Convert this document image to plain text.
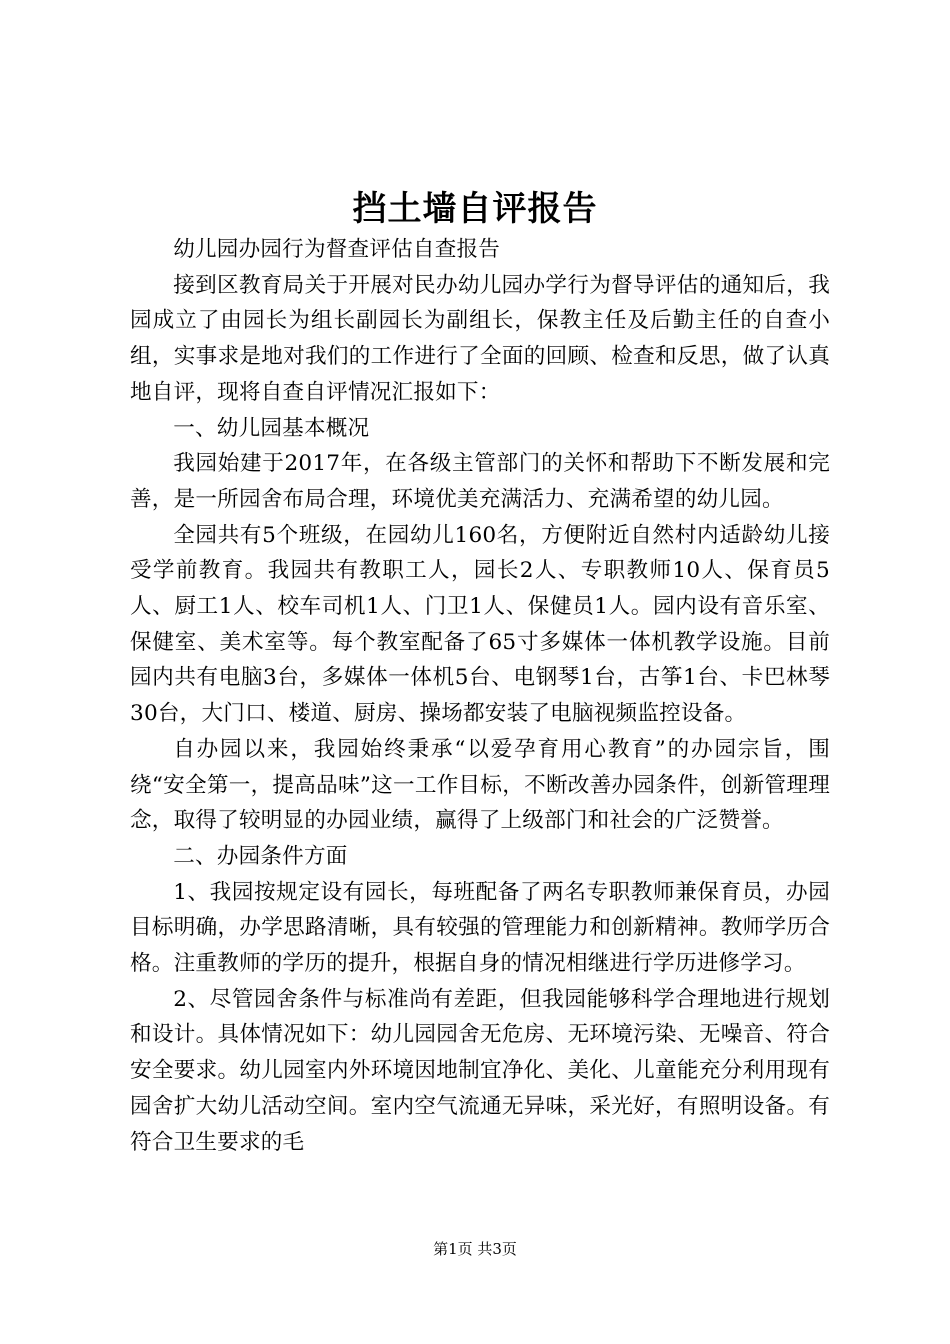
挡土墙自评报告

幼儿园办园行为督查评估自查报告

接到区教育局关于开展对民办幼儿园办学行为督导评估的通知后，我园成立了由园长为组长副园长为副组长，保教主任及后勤主任的自查小组，实事求是地对我们的工作进行了全面的回顾、检查和反思，做了认真地自评，现将自查自评情况汇报如下：

一、幼儿园基本概况

我园始建于2017年，在各级主管部门的关怀和帮助下不断发展和完善，是一所园舍布局合理，环境优美充满活力、充满希望的幼儿园。

全园共有5个班级，在园幼儿160名，方便附近自然村内适龄幼儿接受学前教育。我园共有教职工人，园长2人、专职教师10人、保育员5人、厨工1人、校车司机1人、门卫1人、保健员1人。园内设有音乐室、保健室、美术室等。每个教室配备了65寸多媒体一体机教学设施。目前园内共有电脑3台，多媒体一体机5台、电钢琴1台，古筝1台、卡巴林琴30台，大门口、楼道、厨房、操场都安装了电脑视频监控设备。

自办园以来，我园始终秉承“以爱孕育用心教育”的办园宗旨，围绕“安全第一，提高品味”这一工作目标，不断改善办园条件，创新管理理念，取得了较明显的办园业绩，赢得了上级部门和社会的广泛赞誉。

二、办园条件方面

1、我园按规定设有园长，每班配备了两名专职教师兼保育员，办园目标明确，办学思路清晰，具有较强的管理能力和创新精神。教师学历合格。注重教师的学历的提升，根据自身的情况相继进行学历进修学习。

2、尽管园舍条件与标准尚有差距，但我园能够科学合理地进行规划和设计。具体情况如下：幼儿园园舍无危房、无环境污染、无噪音、符合安全要求。幼儿园室内外环境因地制宜净化、美化、儿童能充分利用现有园舍扩大幼儿活动空间。室内空气流通无异味，采光好，有照明设备。有符合卫生要求的毛

第1页 共3页
